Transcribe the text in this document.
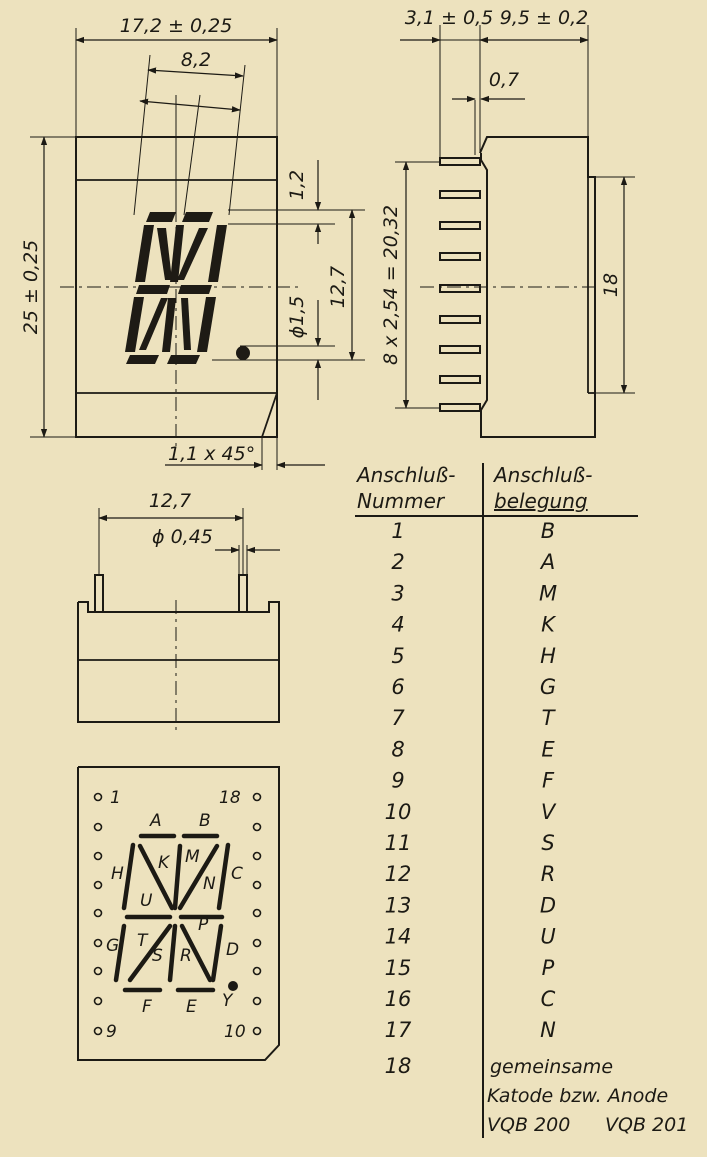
17,2 ± 0,25
8,2
25 ± 0,25
1,2
12,7
ϕ1,5
1,1 x 45°
3,1 ± 0,5 9,5 ± 0,2
0,7
8 x 2,54 = 20,32	18
12,7
ϕ 0,45
1	18
9	10
A B
H
K M
N C
U
P
G T
S R D
Y
F E
Anschluß-
Nummer
Anschluß-
belegung
1	B
2	A
3	M
4	K
5	H
6	G
7	T
8	E
9	F
10	V
11	S
12	R
13	D
14	U
15	P
16	C
17	N
18	gemeinsame
Katode bzw. Anode
VQB 200 VQB 201
